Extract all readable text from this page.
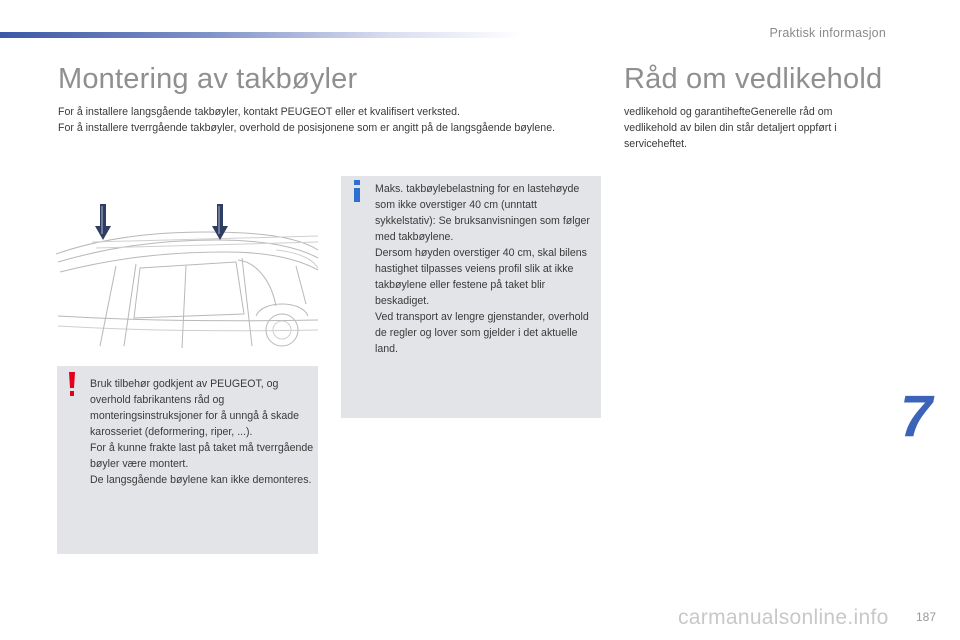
Praktisk informasjon
Montering av takbøyler

For å installere langsgående takbøyler, kontakt PEUGEOT eller et kvalifisert verksted.

For å installere tverrgående takbøyler, overhold de posisjonene som er angitt på de langsgående bøylene.

Råd om vedlikehold
vedlikehold og garantihefteGenerelle råd om vedlikehold av bilen din står detaljert oppført i serviceheftet.

Maks. takbøylebelastning for en lastehøyde som ikke overstiger 40 cm (unntatt sykkelstativ): Se bruksanvisningen som følger med takbøylene.

Dersom høyden overstiger 40 cm, skal bilens hastighet tilpasses veiens profil slik at ikke takbøylene eller festene på taket blir beskadiget.

Ved transport av lengre gjenstander, overhold de regler og lover som gjelder i det aktuelle land.

Bruk tilbehør godkjent av PEUGEOT, og overhold fabrikantens råd og monteringsinstruksjoner for å unngå å skade karosseriet (deformering, riper, ...).

For å kunne frakte last på taket må tverrgående bøyler være montert.

De langsgående bøylene kan ikke demonteres.

7
187
carmanualsonline.info
